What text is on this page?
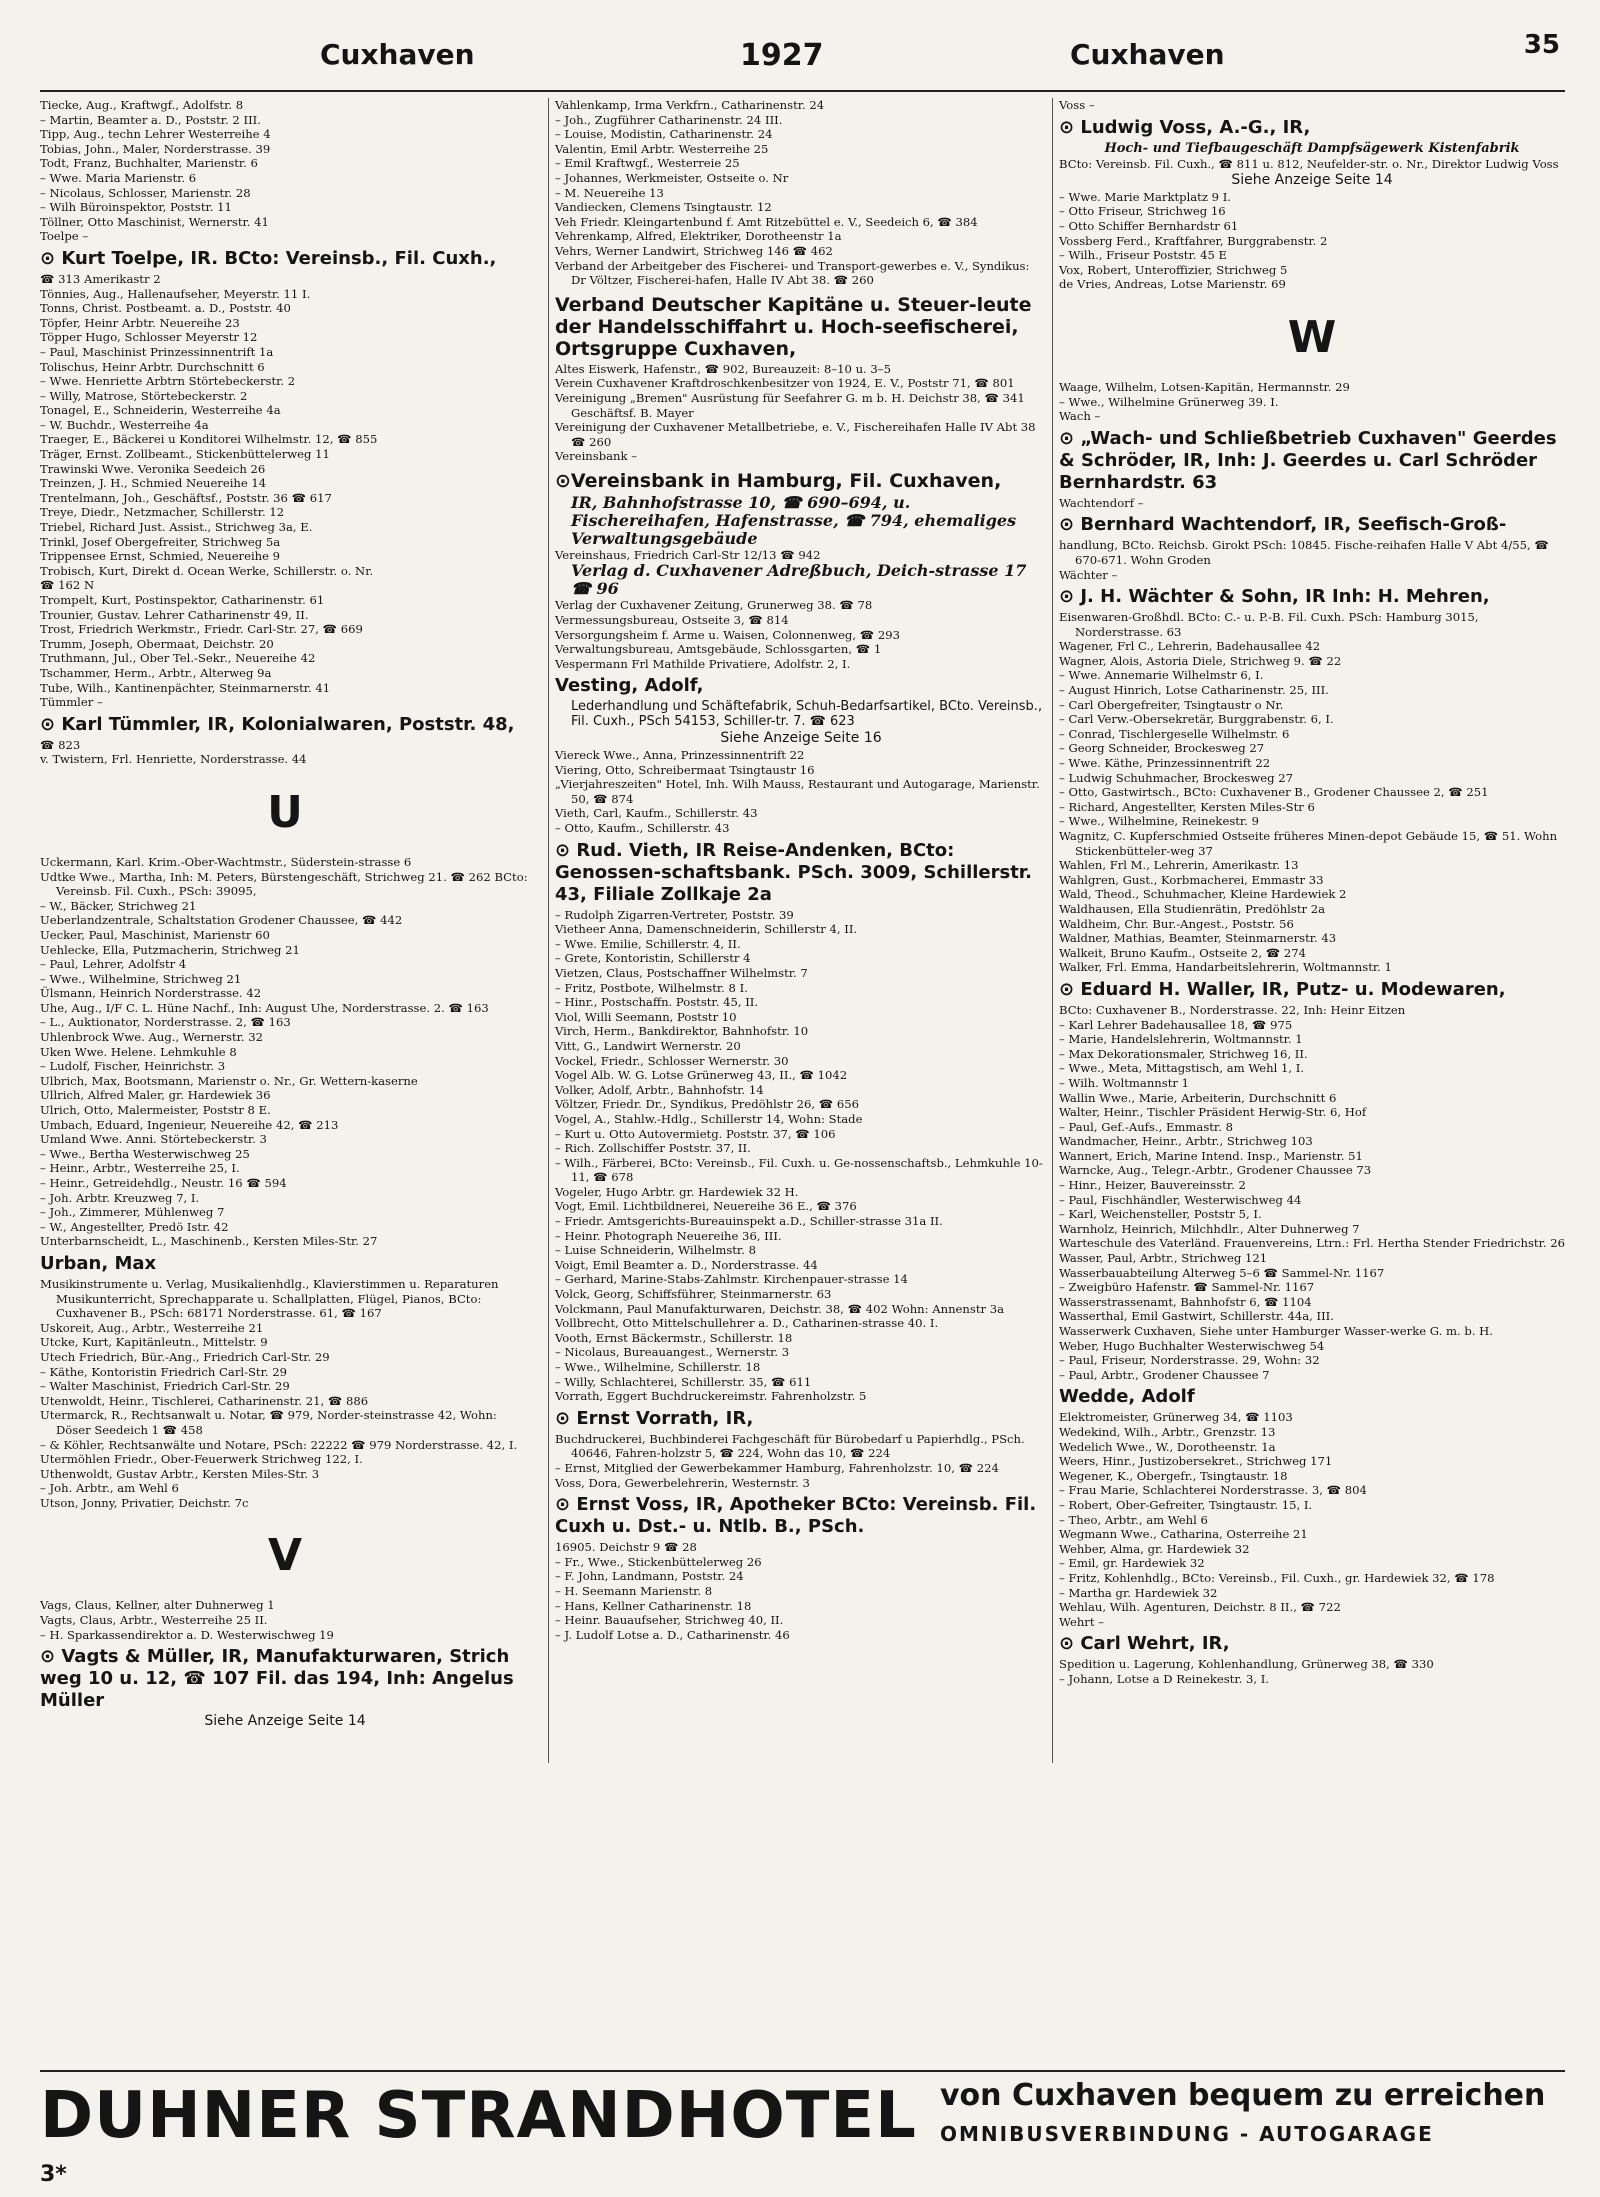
Cuxhaven	1927	Cuxhaven	35
Tiecke, Aug., Kraftwgf., Adolfstr. 8
– Martin, Beamter a. D., Poststr. 2 III.
Tipp, Aug., techn Lehrer Westerreihe 4
Tobias, John., Maler, Norderstrasse. 39
Todt, Franz, Buchhalter, Marienstr. 6
– Wwe. Maria Marienstr. 6
– Nicolaus, Schlosser, Marienstr. 28
– Wilh Büroinspektor, Poststr. 11
Töllner, Otto Maschinist, Wernerstr. 41
Toelpe –
⊙ Kurt Toelpe, IR. BCto: Vereinsb., Fil. Cuxh.,
☎ 313 Amerikastr 2
Tönnies, Aug., Hallenaufseher, Meyerstr. 11 I.
Tonns, Christ. Postbeamt. a. D., Poststr. 40
Töpfer, Heinr Arbtr. Neuereihe 23
Töpper Hugo, Schlosser Meyerstr 12
– Paul, Maschinist Prinzessinnentrift 1a
Tolischus, Heinr Arbtr. Durchschnitt 6
– Wwe. Henriette Arbtrn Störtebeckerstr. 2
– Willy, Matrose, Störtebeckerstr. 2
Tonagel, E., Schneiderin, Westerreihe 4a
– W. Buchdr., Westerreihe 4a
Traeger, E., Bäckerei u Konditorei Wilhelmstr. 12, ☎ 855
Träger, Ernst. Zollbeamt., Stickenbüttelerweg 11
Trawinski Wwe. Veronika Seedeich 26
Treinzen, J. H., Schmied Neuereihe 14
Trentelmann, Joh., Geschäftsf., Poststr. 36 ☎ 617
Treye, Diedr., Netzmacher, Schillerstr. 12
Triebel, Richard Just. Assist., Strichweg 3a, E.
Trinkl, Josef Obergefreiter, Strichweg 5a
Trippensee Ernst, Schmied, Neuereihe 9
Trobisch, Kurt, Direkt d. Ocean Werke, Schillerstr. o. Nr.
☎ 162 N
Trompelt, Kurt, Postinspektor, Catharinenstr. 61
Trounier, Gustav. Lehrer Catharinenstr 49, II.
Trost, Friedrich Werkmstr., Friedr. Carl-Str. 27, ☎ 669
Trumm, Joseph, Obermaat, Deichstr. 20
Truthmann, Jul., Ober Tel.-Sekr., Neuereihe 42
Tschammer, Herm., Arbtr., Alterweg 9a
Tube, Wilh., Kantinenpächter, Steinmarnerstr. 41
Tümmler –
⊙ Karl Tümmler, IR, Kolonialwaren, Poststr. 48,
☎ 823
v. Twistern, Frl. Henriette, Norderstrasse. 44
U
Uckermann, Karl. Krim.-Ober-Wachtmstr., Süderstein-strasse 6
Udtke Wwe., Martha, Inh: M. Peters, Bürstengeschäft, Strichweg 21. ☎ 262 BCto: Vereinsb. Fil. Cuxh., PSch: 39095,
– W., Bäcker, Strichweg 21
Ueberlandzentrale, Schaltstation Grodener Chaussee, ☎ 442
Uecker, Paul, Maschinist, Marienstr 60
Uehlecke, Ella, Putzmacherin, Strichweg 21
– Paul, Lehrer, Adolfstr 4
– Wwe., Wilhelmine, Strichweg 21
Ülsmann, Heinrich Norderstrasse. 42
Uhe, Aug., I/F C. L. Hüne Nachf., Inh: August Uhe, Norderstrasse. 2. ☎ 163
– L., Auktionator, Norderstrasse. 2, ☎ 163
Uhlenbrock Wwe. Aug., Wernerstr. 32
Uken Wwe. Helene. Lehmkuhle 8
– Ludolf, Fischer, Heinrichstr. 3
Ulbrich, Max, Bootsmann, Marienstr o. Nr., Gr. Wettern-kaserne
Ullrich, Alfred Maler, gr. Hardewiek 36
Ulrich, Otto, Malermeister, Poststr 8 E.
Umbach, Eduard, Ingenieur, Neuereihe 42, ☎ 213
Umland Wwe. Anni. Störtebeckerstr. 3
– Wwe., Bertha Westerwischweg 25
– Heinr., Arbtr., Westerreihe 25, I.
– Heinr., Getreidehdlg., Neustr. 16 ☎ 594
– Joh. Arbtr. Kreuzweg 7, I.
– Joh., Zimmerer, Mühlenweg 7
– W., Angestellter, Predö Istr. 42
Unterbarnscheidt, L., Maschinenb., Kersten Miles-Str. 27
Urban, Max
Musikinstrumente u. Verlag, Musikalienhdlg., Klavierstimmen u. Reparaturen Musikunterricht, Sprechapparate u. Schallplatten, Flügel, Pianos, BCto: Cuxhavener B., PSch: 68171 Norderstrasse. 61, ☎ 167
Uskoreit, Aug., Arbtr., Westerreihe 21
Utcke, Kurt, Kapitänleutn., Mittelstr. 9
Utech Friedrich, Bür.-Ang., Friedrich Carl-Str. 29
– Käthe, Kontoristin Friedrich Carl-Str. 29
– Walter Maschinist, Friedrich Carl-Str. 29
Utenwoldt, Heinr., Tischlerei, Catharinenstr. 21, ☎ 886
Utermarck, R., Rechtsanwalt u. Notar, ☎ 979, Norder-steinstrasse 42, Wohn: Döser Seedeich 1 ☎ 458
– & Köhler, Rechtsanwälte und Notare, PSch: 22222 ☎ 979 Norderstrasse. 42, I.
Utermöhlen Friedr., Ober-Feuerwerk Strichweg 122, I.
Uthenwoldt, Gustav Arbtr., Kersten Miles-Str. 3
– Joh. Arbtr., am Wehl 6
Utson, Jonny, Privatier, Deichstr. 7c
V
Vags, Claus, Kellner, alter Duhnerweg 1
Vagts, Claus, Arbtr., Westerreihe 25 II.
– H. Sparkassendirektor a. D. Westerwischweg 19
⊙ Vagts & Müller, IR, Manufakturwaren, Strich weg 10 u. 12, ☎ 107 Fil. das 194, Inh: Angelus Müller
Siehe Anzeige Seite 14
Vahlenkamp, Irma Verkfrn., Catharinenstr. 24
– Joh., Zugführer Catharinenstr. 24 III.
– Louise, Modistin, Catharinenstr. 24
Valentin, Emil Arbtr. Westerreihe 25
– Emil Kraftwgf., Westerreie 25
– Johannes, Werkmeister, Ostseite o. Nr
– M. Neuereihe 13
Vandiecken, Clemens Tsingtaustr. 12
Veh Friedr. Kleingartenbund f. Amt Ritzebüttel e. V., Seedeich 6, ☎ 384
Vehrenkamp, Alfred, Elektriker, Dorotheenstr 1a
Vehrs, Werner Landwirt, Strichweg 146 ☎ 462
Verband der Arbeitgeber des Fischerei- und Transport-gewerbes e. V., Syndikus: Dr Völtzer, Fischerei-hafen, Halle IV Abt 38. ☎ 260
Verband Deutscher Kapitäne u. Steuer-leute der Handelsschiffahrt u. Hoch-seefischerei, Ortsgruppe Cuxhaven,
Altes Eiswerk, Hafenstr., ☎ 902, Bureauzeit: 8–10 u. 3–5
Verein Cuxhavener Kraftdroschkenbesitzer von 1924, E. V., Poststr 71, ☎ 801
Vereinigung „Bremen" Ausrüstung für Seefahrer G. m b. H. Deichstr 38, ☎ 341 Geschäftsf. B. Mayer
Vereinigung der Cuxhavener Metallbetriebe, e. V., Fischereihafen Halle IV Abt 38 ☎ 260
Vereinsbank –
⊙Vereinsbank in Hamburg, Fil. Cuxhaven,
IR, Bahnhofstrasse 10, ☎ 690–694, u. Fischereihafen, Hafenstrasse, ☎ 794, ehemaliges Verwaltungsgebäude
Vereinshaus, Friedrich Carl-Str 12/13 ☎ 942
Verlag d. Cuxhavener Adreßbuch, Deich-strasse 17 ☎ 96
Verlag der Cuxhavener Zeitung, Grunerweg 38. ☎ 78
Vermessungsbureau, Ostseite 3, ☎ 814
Versorgungsheim f. Arme u. Waisen, Colonnenweg, ☎ 293
Verwaltungsbureau, Amtsgebäude, Schlossgarten, ☎ 1
Vespermann Frl Mathilde Privatiere, Adolfstr. 2, I.
Vesting, Adolf,
Lederhandlung und Schäftefabrik, Schuh-Bedarfsartikel, BCto. Vereinsb., Fil. Cuxh., PSch 54153, Schiller-tr. 7. ☎ 623
Siehe Anzeige Seite 16
Viereck Wwe., Anna, Prinzessinnentrift 22
Viering, Otto, Schreibermaat Tsingtaustr 16
„Vierjahreszeiten" Hotel, Inh. Wilh Mauss, Restaurant und Autogarage, Marienstr. 50, ☎ 874
Vieth, Carl, Kaufm., Schillerstr. 43
– Otto, Kaufm., Schillerstr. 43
⊙ Rud. Vieth, IR Reise-Andenken, BCto: Genossen-schaftsbank. PSch. 3009, Schillerstr. 43, Filiale Zollkaje 2a
– Rudolph Zigarren-Vertreter, Poststr. 39
Vietheer Anna, Damenschneiderin, Schillerstr 4, II.
– Wwe. Emilie, Schillerstr. 4, II.
– Grete, Kontoristin, Schillerstr 4
Vietzen, Claus, Postschaffner Wilhelmstr. 7
– Fritz, Postbote, Wilhelmstr. 8 I.
– Hinr., Postschaffn. Poststr. 45, II.
Viol, Willi Seemann, Poststr 10
Virch, Herm., Bankdirektor, Bahnhofstr. 10
Vitt, G., Landwirt Wernerstr. 20
Vockel, Friedr., Schlosser Wernerstr. 30
Vogel Alb. W. G. Lotse Grünerweg 43, II., ☎ 1042
Volker, Adolf, Arbtr., Bahnhofstr. 14
Völtzer, Friedr. Dr., Syndikus, Predöhlstr 26, ☎ 656
Vogel, A., Stahlw.-Hdlg., Schillerstr 14, Wohn: Stade
– Kurt u. Otto Autovermietg. Poststr. 37, ☎ 106
– Rich. Zollschiffer Poststr. 37, II.
– Wilh., Färberei, BCto: Vereinsb., Fil. Cuxh. u. Ge-nossenschaftsb., Lehmkuhle 10-11, ☎ 678
Vogeler, Hugo Arbtr. gr. Hardewiek 32 H.
Vogt, Emil. Lichtbildnerei, Neuereihe 36 E., ☎ 376
– Friedr. Amtsgerichts-Bureauinspekt a.D., Schiller-strasse 31a II.
– Heinr. Photograph Neuereihe 36, III.
– Luise Schneiderin, Wilhelmstr. 8
Voigt, Emil Beamter a. D., Norderstrasse. 44
– Gerhard, Marine-Stabs-Zahlmstr. Kirchenpauer-strasse 14
Volck, Georg, Schiffsführer, Steinmarnerstr. 63
Volckmann, Paul Manufakturwaren, Deichstr. 38, ☎ 402 Wohn: Annenstr 3a
Vollbrecht, Otto Mittelschullehrer a. D., Catharinen-strasse 40. I.
Vooth, Ernst Bäckermstr., Schillerstr. 18
– Nicolaus, Bureauangest., Wernerstr. 3
– Wwe., Wilhelmine, Schillerstr. 18
– Willy, Schlachterei, Schillerstr. 35, ☎ 611
Vorrath, Eggert Buchdruckereimstr. Fahrenholzstr. 5
⊙ Ernst Vorrath, IR,
Buchdruckerei, Buchbinderei Fachgeschäft für Bürobedarf u Papierhdlg., PSch. 40646, Fahren-holzstr 5, ☎ 224, Wohn das 10, ☎ 224
– Ernst, Mitglied der Gewerbekammer Hamburg, Fahrenholzstr. 10, ☎ 224
Voss, Dora, Gewerbelehrerin, Westernstr. 3
⊙ Ernst Voss, IR, Apotheker BCto: Vereinsb. Fil. Cuxh u. Dst.- u. Ntlb. B., PSch.
16905. Deichstr 9 ☎ 28
– Fr., Wwe., Stickenbüttelerweg 26
– F. John, Landmann, Poststr. 24
– H. Seemann Marienstr. 8
– Hans, Kellner Catharinenstr. 18
– Heinr. Bauaufseher, Strichweg 40, II.
– J. Ludolf Lotse a. D., Catharinenstr. 46
Voss –
⊙ Ludwig Voss, A.-G., IR,
Hoch- und Tiefbaugeschäft Dampfsägewerk Kistenfabrik
BCto: Vereinsb. Fil. Cuxh., ☎ 811 u. 812, Neufelder-str. o. Nr., Direktor Ludwig Voss
Siehe Anzeige Seite 14
– Wwe. Marie Marktplatz 9 I.
– Otto Friseur, Strichweg 16
– Otto Schiffer Bernhardstr 61
Vossberg Ferd., Kraftfahrer, Burggrabenstr. 2
– Wilh., Friseur Poststr. 45 E
Vox, Robert, Unteroffizier, Strichweg 5
de Vries, Andreas, Lotse Marienstr. 69
W
Waage, Wilhelm, Lotsen-Kapitän, Hermannstr. 29
– Wwe., Wilhelmine Grünerweg 39. I.
Wach –
⊙ „Wach- und Schließbetrieb Cuxhaven" Geerdes & Schröder, IR, Inh: J. Geerdes u. Carl Schröder Bernhardstr. 63
Wachtendorf –
⊙ Bernhard Wachtendorf, IR, Seefisch-Groß-
handlung, BCto. Reichsb. Girokt PSch: 10845. Fische-reihafen Halle V Abt 4/55, ☎ 670-671. Wohn Groden
Wächter –
⊙ J. H. Wächter & Sohn, IR Inh: H. Mehren,
Eisenwaren-Großhdl. BCto: C.- u. P.-B. Fil. Cuxh. PSch: Hamburg 3015, Norderstrasse. 63
Wagener, Frl C., Lehrerin, Badehausallee 42
Wagner, Alois, Astoria Diele, Strichweg 9. ☎ 22
– Wwe. Annemarie Wilhelmstr 6, I.
– August Hinrich, Lotse Catharinenstr. 25, III.
– Carl Obergefreiter, Tsingtaustr o Nr.
– Carl Verw.-Obersekretär, Burggrabenstr. 6, I.
– Conrad, Tischlergeselle Wilhelmstr. 6
– Georg Schneider, Brockesweg 27
– Wwe. Käthe, Prinzessinnentrift 22
– Ludwig Schuhmacher, Brockesweg 27
– Otto, Gastwirtsch., BCto: Cuxhavener B., Grodener Chaussee 2, ☎ 251
– Richard, Angestellter, Kersten Miles-Str 6
– Wwe., Wilhelmine, Reinekestr. 9
Wagnitz, C. Kupferschmied Ostseite früheres Minen-depot Gebäude 15, ☎ 51. Wohn Stickenbütteler-weg 37
Wahlen, Frl M., Lehrerin, Amerikastr. 13
Wahlgren, Gust., Korbmacherei, Emmastr 33
Wald, Theod., Schuhmacher, Kleine Hardewiek 2
Waldhausen, Ella Studienrätin, Predöhlstr 2a
Waldheim, Chr. Bur.-Angest., Poststr. 56
Waldner, Mathias, Beamter, Steinmarnerstr. 43
Walkeit, Bruno Kaufm., Ostseite 2, ☎ 274
Walker, Frl. Emma, Handarbeitslehrerin, Woltmannstr. 1
⊙ Eduard H. Waller, IR, Putz- u. Modewaren,
BCto: Cuxhavener B., Norderstrasse. 22, Inh: Heinr Eitzen
– Karl Lehrer Badehausallee 18, ☎ 975
– Marie, Handelslehrerin, Woltmannstr. 1
– Max Dekorationsmaler, Strichweg 16, II.
– Wwe., Meta, Mittagstisch, am Wehl 1, I.
– Wilh. Woltmannstr 1
Wallin Wwe., Marie, Arbeiterin, Durchschnitt 6
Walter, Heinr., Tischler Präsident Herwig-Str. 6, Hof
– Paul, Gef.-Aufs., Emmastr. 8
Wandmacher, Heinr., Arbtr., Strichweg 103
Wannert, Erich, Marine Intend. Insp., Marienstr. 51
Warncke, Aug., Telegr.-Arbtr., Grodener Chaussee 73
– Hinr., Heizer, Bauvereinsstr. 2
– Paul, Fischhändler, Westerwischweg 44
– Karl, Weichensteller, Poststr 5, I.
Warnholz, Heinrich, Milchhdlr., Alter Duhnerweg 7
Warteschule des Vaterländ. Frauenvereins, Ltrn.: Frl. Hertha Stender Friedrichstr. 26
Wasser, Paul, Arbtr., Strichweg 121
Wasserbauabteilung Alterweg 5–6 ☎ Sammel-Nr. 1167
– Zweigbüro Hafenstr. ☎ Sammel-Nr. 1167
Wasserstrassenamt, Bahnhofstr 6, ☎ 1104
Wasserthal, Emil Gastwirt, Schillerstr. 44a, III.
Wasserwerk Cuxhaven, Siehe unter Hamburger Wasser-werke G. m. b. H.
Weber, Hugo Buchhalter Westerwischweg 54
– Paul, Friseur, Norderstrasse. 29, Wohn: 32
– Paul, Arbtr., Grodener Chaussee 7
Wedde, Adolf
Elektromeister, Grünerweg 34, ☎ 1103
Wedekind, Wilh., Arbtr., Grenzstr. 13
Wedelich Wwe., W., Dorotheenstr. 1a
Weers, Hinr., Justizobersekret., Strichweg 171
Wegener, K., Obergefr., Tsingtaustr. 18
– Frau Marie, Schlachterei Norderstrasse. 3, ☎ 804
– Robert, Ober-Gefreiter, Tsingtaustr. 15, I.
– Theo, Arbtr., am Wehl 6
Wegmann Wwe., Catharina, Osterreihe 21
Wehber, Alma, gr. Hardewiek 32
– Emil, gr. Hardewiek 32
– Fritz, Kohlenhdlg., BCto: Vereinsb., Fil. Cuxh., gr. Hardewiek 32, ☎ 178
– Martha gr. Hardewiek 32
Wehlau, Wilh. Agenturen, Deichstr. 8 II., ☎ 722
Wehrt –
⊙ Carl Wehrt, IR,
Spedition u. Lagerung, Kohlenhandlung, Grünerweg 38, ☎ 330
– Johann, Lotse a D Reinekestr. 3, I.
DUHNER STRANDHOTEL von Cuxhaven bequem zu erreichen
OMNIBUSVERBINDUNG - AUTOGARAGE
3*
